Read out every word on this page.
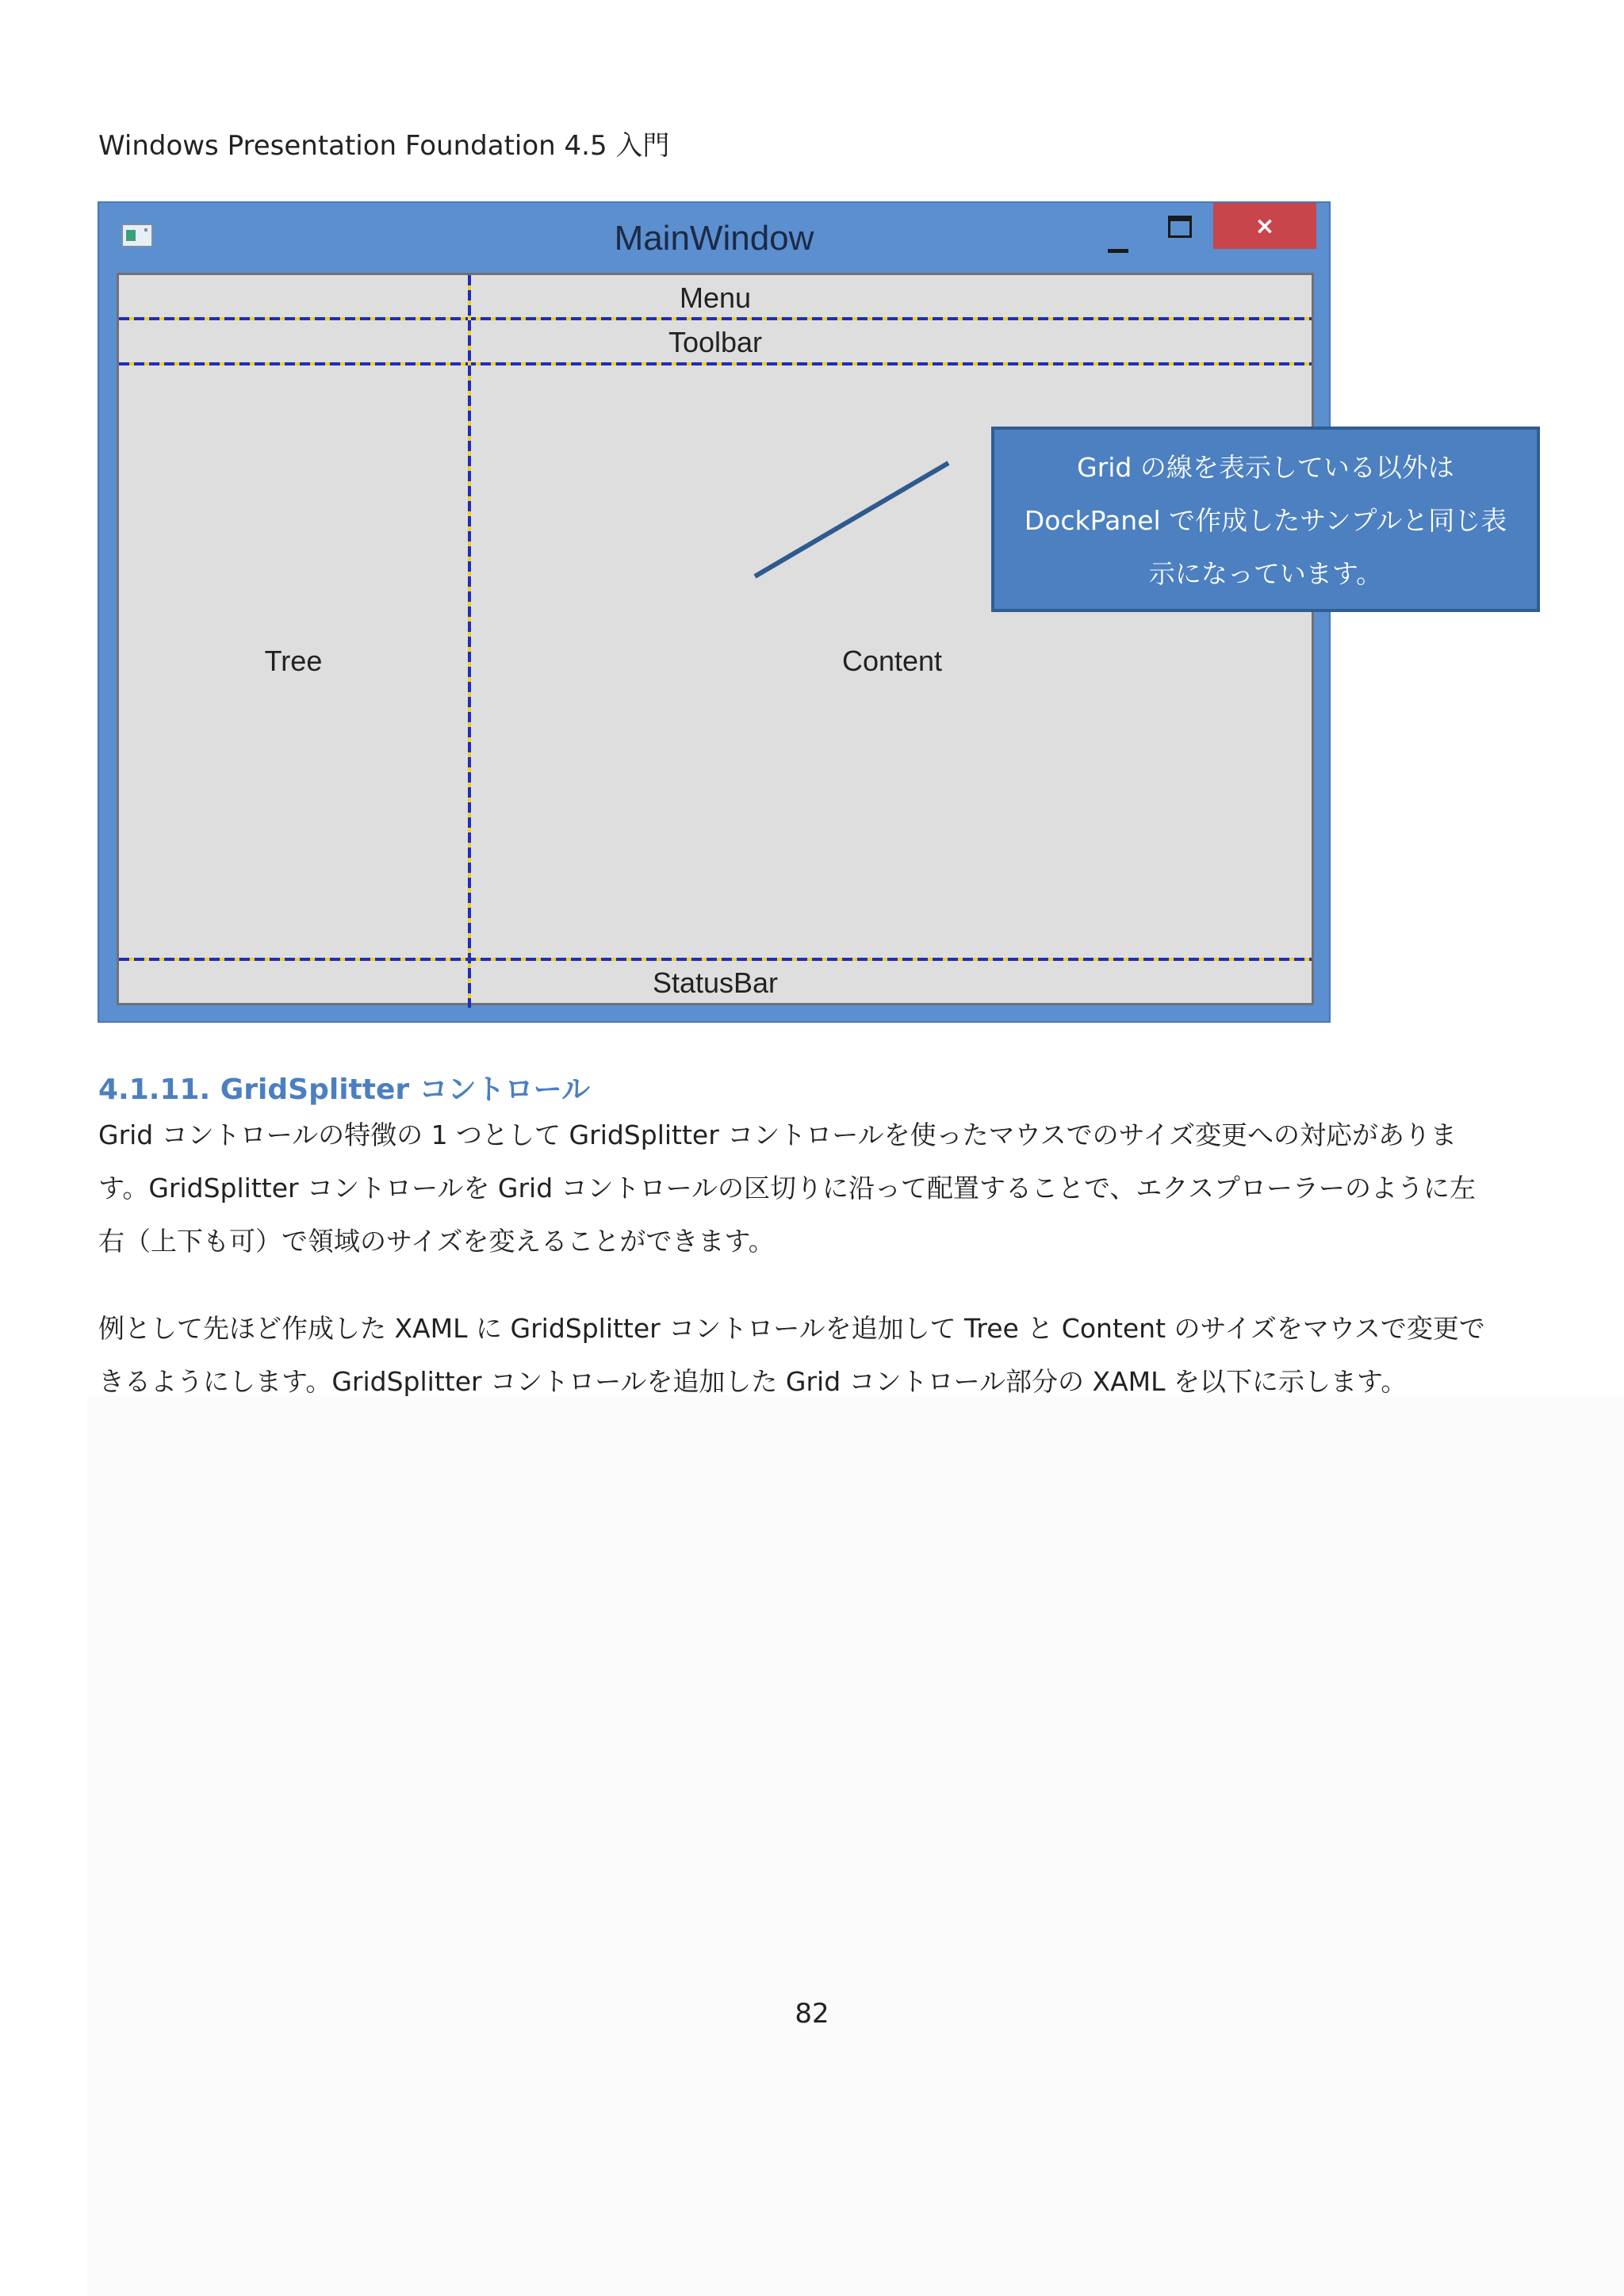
Windows Presentation Foundation 4.5 入門
MainWindow	×
Menu
Toolbar
Tree	Content
StatusBar
Grid の線を表示している以外は
DockPanel で作成したサンプルと同じ表
示になっています。
4.1.11. GridSplitter コントロール
Grid コントロールの特徴の 1 つとして GridSplitter コントロールを使ったマウスでのサイズ変更への対応がありま
す。GridSplitter コントロールを Grid コントロールの区切りに沿って配置することで、エクスプローラーのように左
右（上下も可）で領域のサイズを変えることができます。
例として先ほど作成した XAML に GridSplitter コントロールを追加して Tree と Content のサイズをマウスで変更で
きるようにします。GridSplitter コントロールを追加した Grid コントロール部分の XAML を以下に示します。
82
